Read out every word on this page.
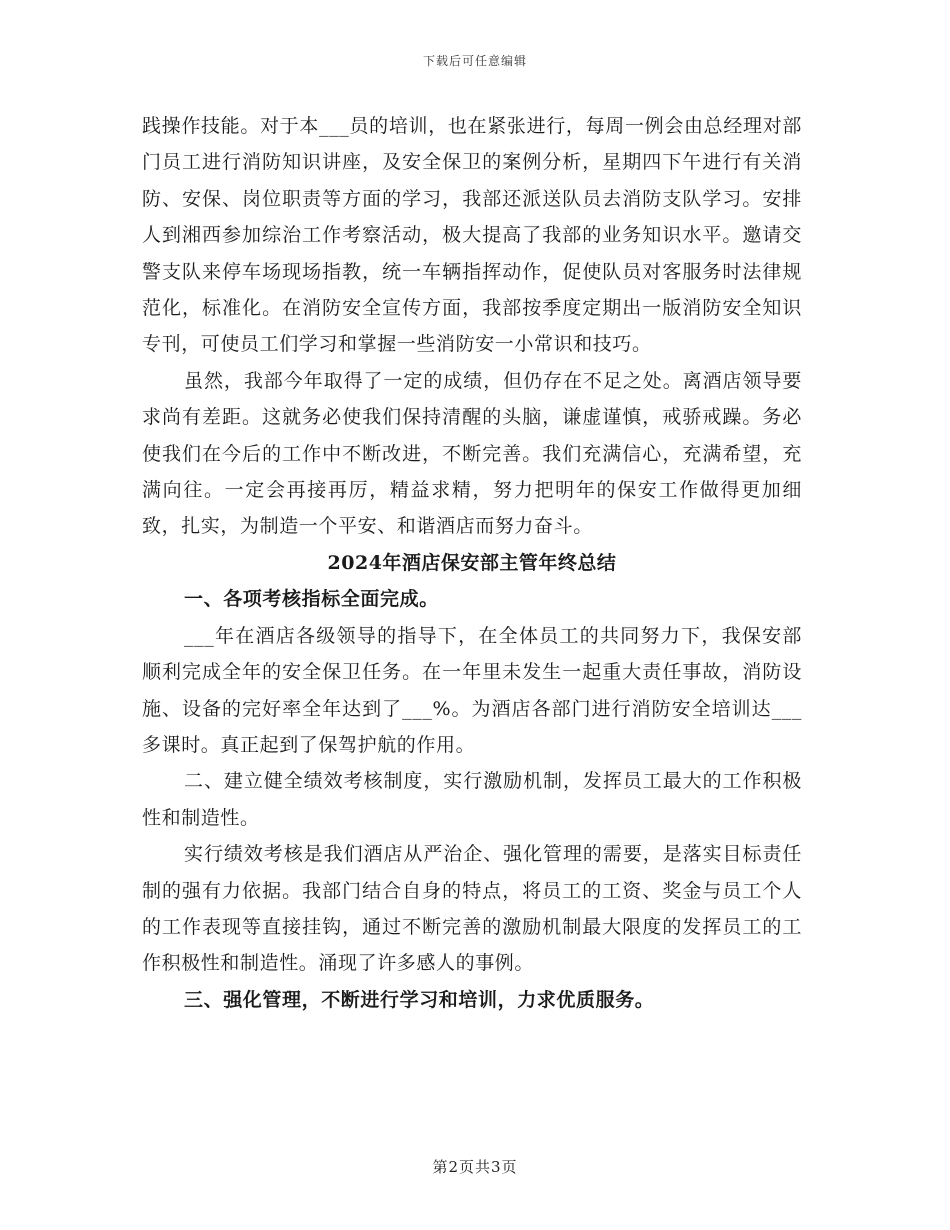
下载后可任意编辑

践操作技能。对于本___员的培训，也在紧张进行，每周一例会由总经理对部门员工进行消防知识讲座，及安全保卫的案例分析，星期四下午进行有关消防、安保、岗位职责等方面的学习，我部还派送队员去消防支队学习。安排人到湘西参加综治工作考察活动，极大提高了我部的业务知识水平。邀请交警支队来停车场现场指教，统一车辆指挥动作，促使队员对客服务时法律规范化，标准化。在消防安全宣传方面，我部按季度定期出一版消防安全知识专刊，可使员工们学习和掌握一些消防安一小常识和技巧。

虽然，我部今年取得了一定的成绩，但仍存在不足之处。离酒店领导要求尚有差距。这就务必使我们保持清醒的头脑，谦虚谨慎，戒骄戒躁。务必使我们在今后的工作中不断改进，不断完善。我们充满信心，充满希望，充满向往。一定会再接再厉，精益求精，努力把明年的保安工作做得更加细致，扎实，为制造一个平安、和谐酒店而努力奋斗。

2024年酒店保安部主管年终总结

一、各项考核指标全面完成。

___年在酒店各级领导的指导下，在全体员工的共同努力下，我保安部顺利完成全年的安全保卫任务。在一年里未发生一起重大责任事故，消防设施、设备的完好率全年达到了___%。为酒店各部门进行消防安全培训达___多课时。真正起到了保驾护航的作用。

二、建立健全绩效考核制度，实行激励机制，发挥员工最大的工作积极性和制造性。

实行绩效考核是我们酒店从严治企、强化管理的需要，是落实目标责任制的强有力依据。我部门结合自身的特点，将员工的工资、奖金与员工个人的工作表现等直接挂钩，通过不断完善的激励机制最大限度的发挥员工的工作积极性和制造性。涌现了许多感人的事例。

三、强化管理，不断进行学习和培训，力求优质服务。

第2页共3页
